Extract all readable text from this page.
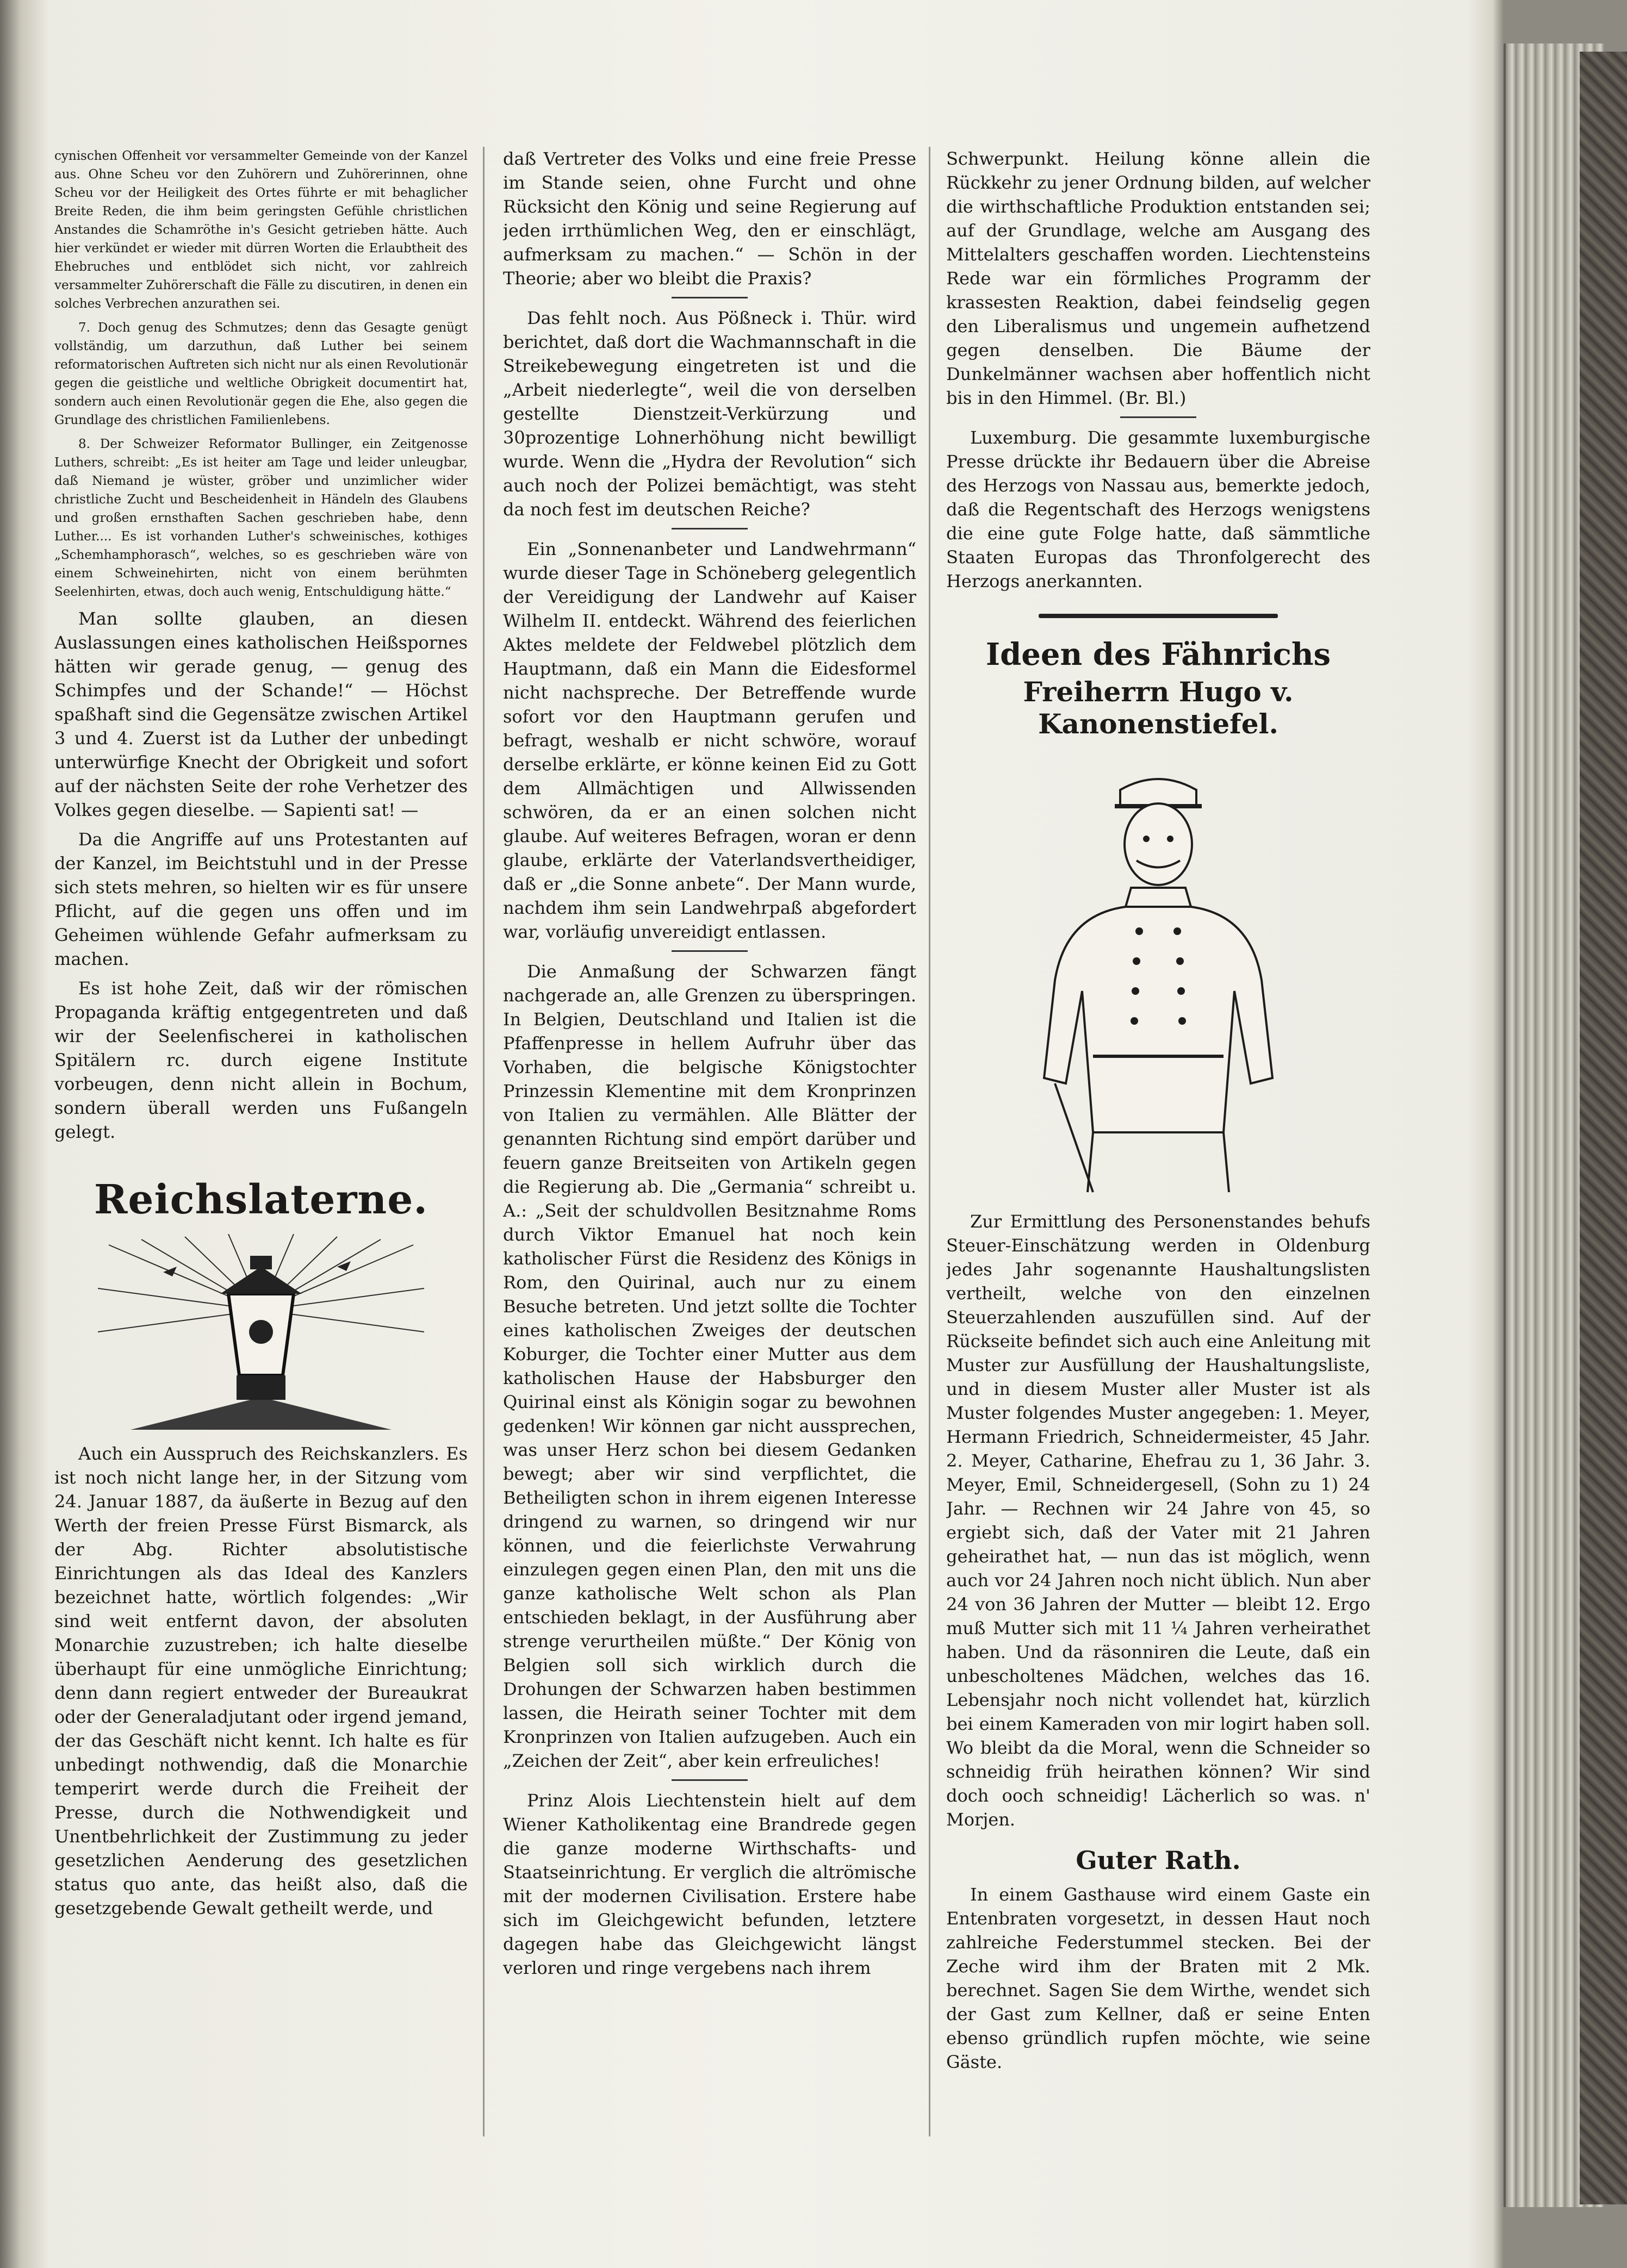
cynischen Offenheit vor versammelter Gemeinde von der Kanzel aus. Ohne Scheu vor den Zuhörern und Zuhörerinnen, ohne Scheu vor der Heiligkeit des Ortes führte er mit behaglicher Breite Reden, die ihm beim geringsten Gefühle christlichen Anstandes die Schamröthe in's Gesicht getrieben hätte. Auch hier verkündet er wieder mit dürren Worten die Erlaubtheit des Ehebruches und entblödet sich nicht, vor zahlreich versammelter Zuhörerschaft die Fälle zu discutiren, in denen ein solches Verbrechen anzurathen sei.

7. Doch genug des Schmutzes; denn das Gesagte genügt vollständig, um darzuthun, daß Luther bei seinem reformatorischen Auftreten sich nicht nur als einen Revolutionär gegen die geistliche und weltliche Obrigkeit documentirt hat, sondern auch einen Revolutionär gegen die Ehe, also gegen die Grundlage des christlichen Familienlebens.

8. Der Schweizer Reformator Bullinger, ein Zeitgenosse Luthers, schreibt: „Es ist heiter am Tage und leider unleugbar, daß Niemand je wüster, gröber und unzimlicher wider christliche Zucht und Bescheidenheit in Händeln des Glaubens und großen ernsthaften Sachen geschrieben habe, denn Luther.... Es ist vorhanden Luther's schweinisches, kothiges „Schemhamphorasch“, welches, so es geschrieben wäre von einem Schweinehirten, nicht von einem berühmten Seelenhirten, etwas, doch auch wenig, Entschuldigung hätte.“

Man sollte glauben, an diesen Auslassungen eines katholischen Heißspornes hätten wir gerade genug, — genug des Schimpfes und der Schande!“ — Höchst spaßhaft sind die Gegensätze zwischen Artikel 3 und 4. Zuerst ist da Luther der unbedingt unterwürfige Knecht der Obrigkeit und sofort auf der nächsten Seite der rohe Verhetzer des Volkes gegen dieselbe. — Sapienti sat! —

Da die Angriffe auf uns Protestanten auf der Kanzel, im Beichtstuhl und in der Presse sich stets mehren, so hielten wir es für unsere Pflicht, auf die gegen uns offen und im Geheimen wühlende Gefahr aufmerksam zu machen.

Es ist hohe Zeit, daß wir der römischen Propaganda kräftig entgegentreten und daß wir der Seelenfischerei in katholischen Spitälern rc. durch eigene Institute vorbeugen, denn nicht allein in Bochum, sondern überall werden uns Fußangeln gelegt.

Reichslaterne.

Auch ein Ausspruch des Reichskanzlers. Es ist noch nicht lange her, in der Sitzung vom 24. Januar 1887, da äußerte in Bezug auf den Werth der freien Presse Fürst Bismarck, als der Abg. Richter absolutistische Einrichtungen als das Ideal des Kanzlers bezeichnet hatte, wörtlich folgendes: „Wir sind weit entfernt davon, der absoluten Monarchie zuzustreben; ich halte dieselbe überhaupt für eine unmögliche Einrichtung; denn dann regiert entweder der Bureaukrat oder der Generaladjutant oder irgend jemand, der das Geschäft nicht kennt. Ich halte es für unbedingt nothwendig, daß die Monarchie temperirt werde durch die Freiheit der Presse, durch die Nothwendigkeit und Unentbehrlichkeit der Zustimmung zu jeder gesetzlichen Aenderung des gesetzlichen status quo ante, das heißt also, daß die gesetzgebende Gewalt getheilt werde, und

daß Vertreter des Volks und eine freie Presse im Stande seien, ohne Furcht und ohne Rücksicht den König und seine Regierung auf jeden irrthümlichen Weg, den er einschlägt, aufmerksam zu machen.“ — Schön in der Theorie; aber wo bleibt die Praxis?

Das fehlt noch. Aus Pößneck i. Thür. wird berichtet, daß dort die Wachmannschaft in die Streikebewegung eingetreten ist und die „Arbeit niederlegte“, weil die von derselben gestellte Dienstzeit-Verkürzung und 30prozentige Lohnerhöhung nicht bewilligt wurde. Wenn die „Hydra der Revolution“ sich auch noch der Polizei bemächtigt, was steht da noch fest im deutschen Reiche?

Ein „Sonnenanbeter und Landwehrmann“ wurde dieser Tage in Schöneberg gelegentlich der Vereidigung der Landwehr auf Kaiser Wilhelm II. entdeckt. Während des feierlichen Aktes meldete der Feldwebel plötzlich dem Hauptmann, daß ein Mann die Eidesformel nicht nachspreche. Der Betreffende wurde sofort vor den Hauptmann gerufen und befragt, weshalb er nicht schwöre, worauf derselbe erklärte, er könne keinen Eid zu Gott dem Allmächtigen und Allwissenden schwören, da er an einen solchen nicht glaube. Auf weiteres Befragen, woran er denn glaube, erklärte der Vaterlandsvertheidiger, daß er „die Sonne anbete“. Der Mann wurde, nachdem ihm sein Landwehrpaß abgefordert war, vorläufig unvereidigt entlassen.

Die Anmaßung der Schwarzen fängt nachgerade an, alle Grenzen zu überspringen. In Belgien, Deutschland und Italien ist die Pfaffenpresse in hellem Aufruhr über das Vorhaben, die belgische Königstochter Prinzessin Klementine mit dem Kronprinzen von Italien zu vermählen. Alle Blätter der genannten Richtung sind empört darüber und feuern ganze Breitseiten von Artikeln gegen die Regierung ab. Die „Germania“ schreibt u. A.: „Seit der schuldvollen Besitznahme Roms durch Viktor Emanuel hat noch kein katholischer Fürst die Residenz des Königs in Rom, den Quirinal, auch nur zu einem Besuche betreten. Und jetzt sollte die Tochter eines katholischen Zweiges der deutschen Koburger, die Tochter einer Mutter aus dem katholischen Hause der Habsburger den Quirinal einst als Königin sogar zu bewohnen gedenken! Wir können gar nicht aussprechen, was unser Herz schon bei diesem Gedanken bewegt; aber wir sind verpflichtet, die Betheiligten schon in ihrem eigenen Interesse dringend zu warnen, so dringend wir nur können, und die feierlichste Verwahrung einzulegen gegen einen Plan, den mit uns die ganze katholische Welt schon als Plan entschieden beklagt, in der Ausführung aber strenge verurtheilen müßte.“ Der König von Belgien soll sich wirklich durch die Drohungen der Schwarzen haben bestimmen lassen, die Heirath seiner Tochter mit dem Kronprinzen von Italien aufzugeben. Auch ein „Zeichen der Zeit“, aber kein erfreuliches!

Prinz Alois Liechtenstein hielt auf dem Wiener Katholikentag eine Brandrede gegen die ganze moderne Wirthschafts- und Staatseinrichtung. Er verglich die altrömische mit der modernen Civilisation. Erstere habe sich im Gleichgewicht befunden, letztere dagegen habe das Gleichgewicht längst verloren und ringe vergebens nach ihrem

Schwerpunkt. Heilung könne allein die Rückkehr zu jener Ordnung bilden, auf welcher die wirthschaftliche Produktion entstanden sei; auf der Grundlage, welche am Ausgang des Mittelalters geschaffen worden. Liechtensteins Rede war ein förmliches Programm der krassesten Reaktion, dabei feindselig gegen den Liberalismus und ungemein aufhetzend gegen denselben. Die Bäume der Dunkelmänner wachsen aber hoffentlich nicht bis in den Himmel. (Br. Bl.)

Luxemburg. Die gesammte luxemburgische Presse drückte ihr Bedauern über die Abreise des Herzogs von Nassau aus, bemerkte jedoch, daß die Regentschaft des Herzogs wenigstens die eine gute Folge hatte, daß sämmtliche Staaten Europas das Thronfolgerecht des Herzogs anerkannten.

Ideen des Fähnrichs
Freiherrn Hugo v. Kanonenstiefel.

Zur Ermittlung des Personenstandes behufs Steuer-Einschätzung werden in Oldenburg jedes Jahr sogenannte Haushaltungslisten vertheilt, welche von den einzelnen Steuerzahlenden auszufüllen sind. Auf der Rückseite befindet sich auch eine Anleitung mit Muster zur Ausfüllung der Haushaltungsliste, und in diesem Muster aller Muster ist als Muster folgendes Muster angegeben: 1. Meyer, Hermann Friedrich, Schneidermeister, 45 Jahr. 2. Meyer, Catharine, Ehefrau zu 1, 36 Jahr. 3. Meyer, Emil, Schneidergesell, (Sohn zu 1) 24 Jahr. — Rechnen wir 24 Jahre von 45, so ergiebt sich, daß der Vater mit 21 Jahren geheirathet hat, — nun das ist möglich, wenn auch vor 24 Jahren noch nicht üblich. Nun aber 24 von 36 Jahren der Mutter — bleibt 12. Ergo muß Mutter sich mit 11 ¼ Jahren verheirathet haben. Und da räsonniren die Leute, daß ein unbescholtenes Mädchen, welches das 16. Lebensjahr noch nicht vollendet hat, kürzlich bei einem Kameraden von mir logirt haben soll. Wo bleibt da die Moral, wenn die Schneider so schneidig früh heirathen können? Wir sind doch ooch schneidig! Lächerlich so was. n' Morjen.

Guter Rath.

In einem Gasthause wird einem Gaste ein Entenbraten vorgesetzt, in dessen Haut noch zahlreiche Federstummel stecken. Bei der Zeche wird ihm der Braten mit 2 Mk. berechnet. Sagen Sie dem Wirthe, wendet sich der Gast zum Kellner, daß er seine Enten ebenso gründlich rupfen möchte, wie seine Gäste.
